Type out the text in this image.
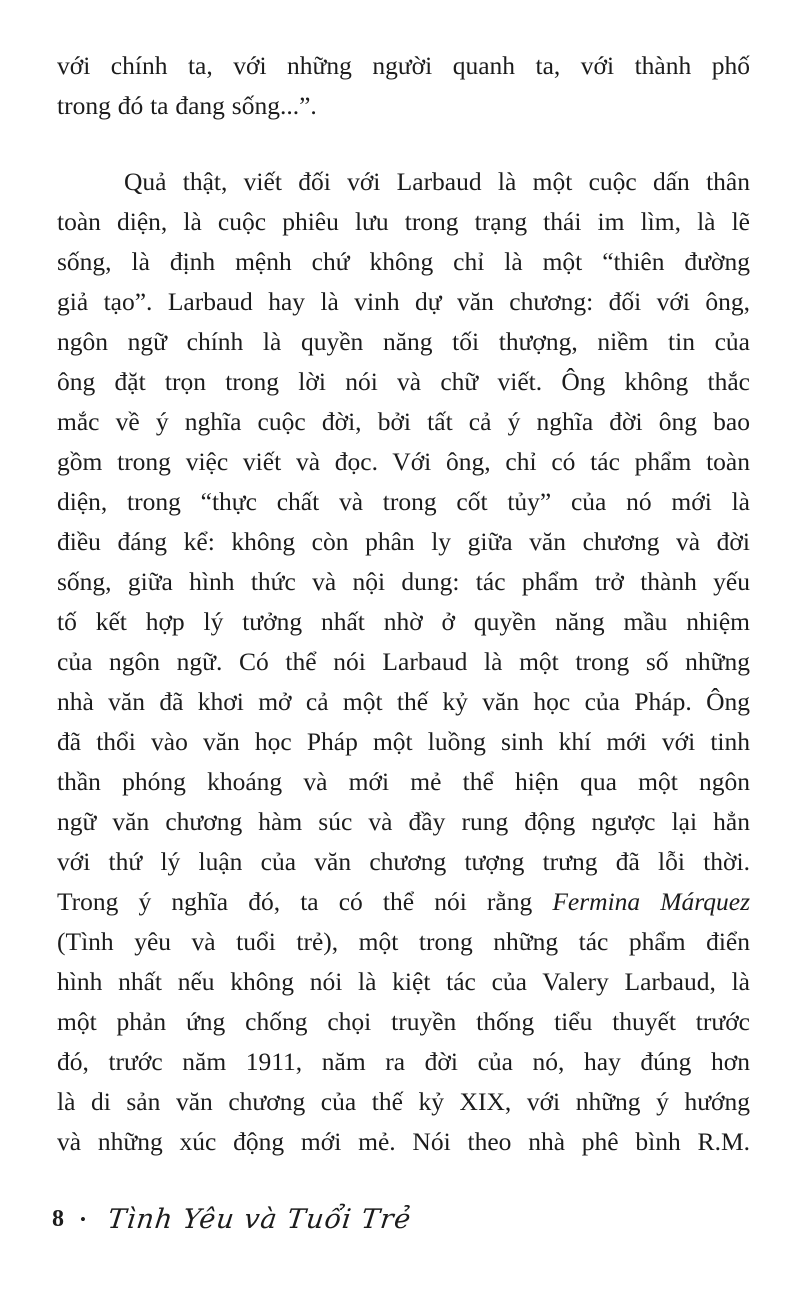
với chính ta, với những người quanh ta, với thành phố
trong đó ta đang sống...”.
Quả thật, viết đối với Larbaud là một cuộc dấn thân
toàn diện, là cuộc phiêu lưu trong trạng thái im lìm, là lẽ
sống, là định mệnh chứ không chỉ là một “thiên đường
giả tạo”. Larbaud hay là vinh dự văn chương: đối với ông,
ngôn ngữ chính là quyền năng tối thượng, niềm tin của
ông đặt trọn trong lời nói và chữ viết. Ông không thắc
mắc về ý nghĩa cuộc đời, bởi tất cả ý nghĩa đời ông bao
gồm trong việc viết và đọc. Với ông, chỉ có tác phẩm toàn
diện, trong “thực chất và trong cốt tủy” của nó mới là
điều đáng kể: không còn phân ly giữa văn chương và đời
sống, giữa hình thức và nội dung: tác phẩm trở thành yếu
tố kết hợp lý tưởng nhất nhờ ở quyền năng mầu nhiệm
của ngôn ngữ. Có thể nói Larbaud là một trong số những
nhà văn đã khơi mở cả một thế kỷ văn học của Pháp. Ông
đã thổi vào văn học Pháp một luồng sinh khí mới với tinh
thần phóng khoáng và mới mẻ thể hiện qua một ngôn
ngữ văn chương hàm súc và đầy rung động ngược lại hẳn
với thứ lý luận của văn chương tượng trưng đã lỗi thời.
Trong ý nghĩa đó, ta có thể nói rằng Fermina Márquez
(Tình yêu và tuổi trẻ), một trong những tác phẩm điển
hình nhất nếu không nói là kiệt tác của Valery Larbaud, là
một phản ứng chống chọi truyền thống tiểu thuyết trước
đó, trước năm 1911, năm ra đời của nó, hay đúng hơn
là di sản văn chương của thế kỷ XIX, với những ý hướng
và những xúc động mới mẻ. Nói theo nhà phê bình R.M.
8 • Tình Yêu và Tuổi Trẻ
